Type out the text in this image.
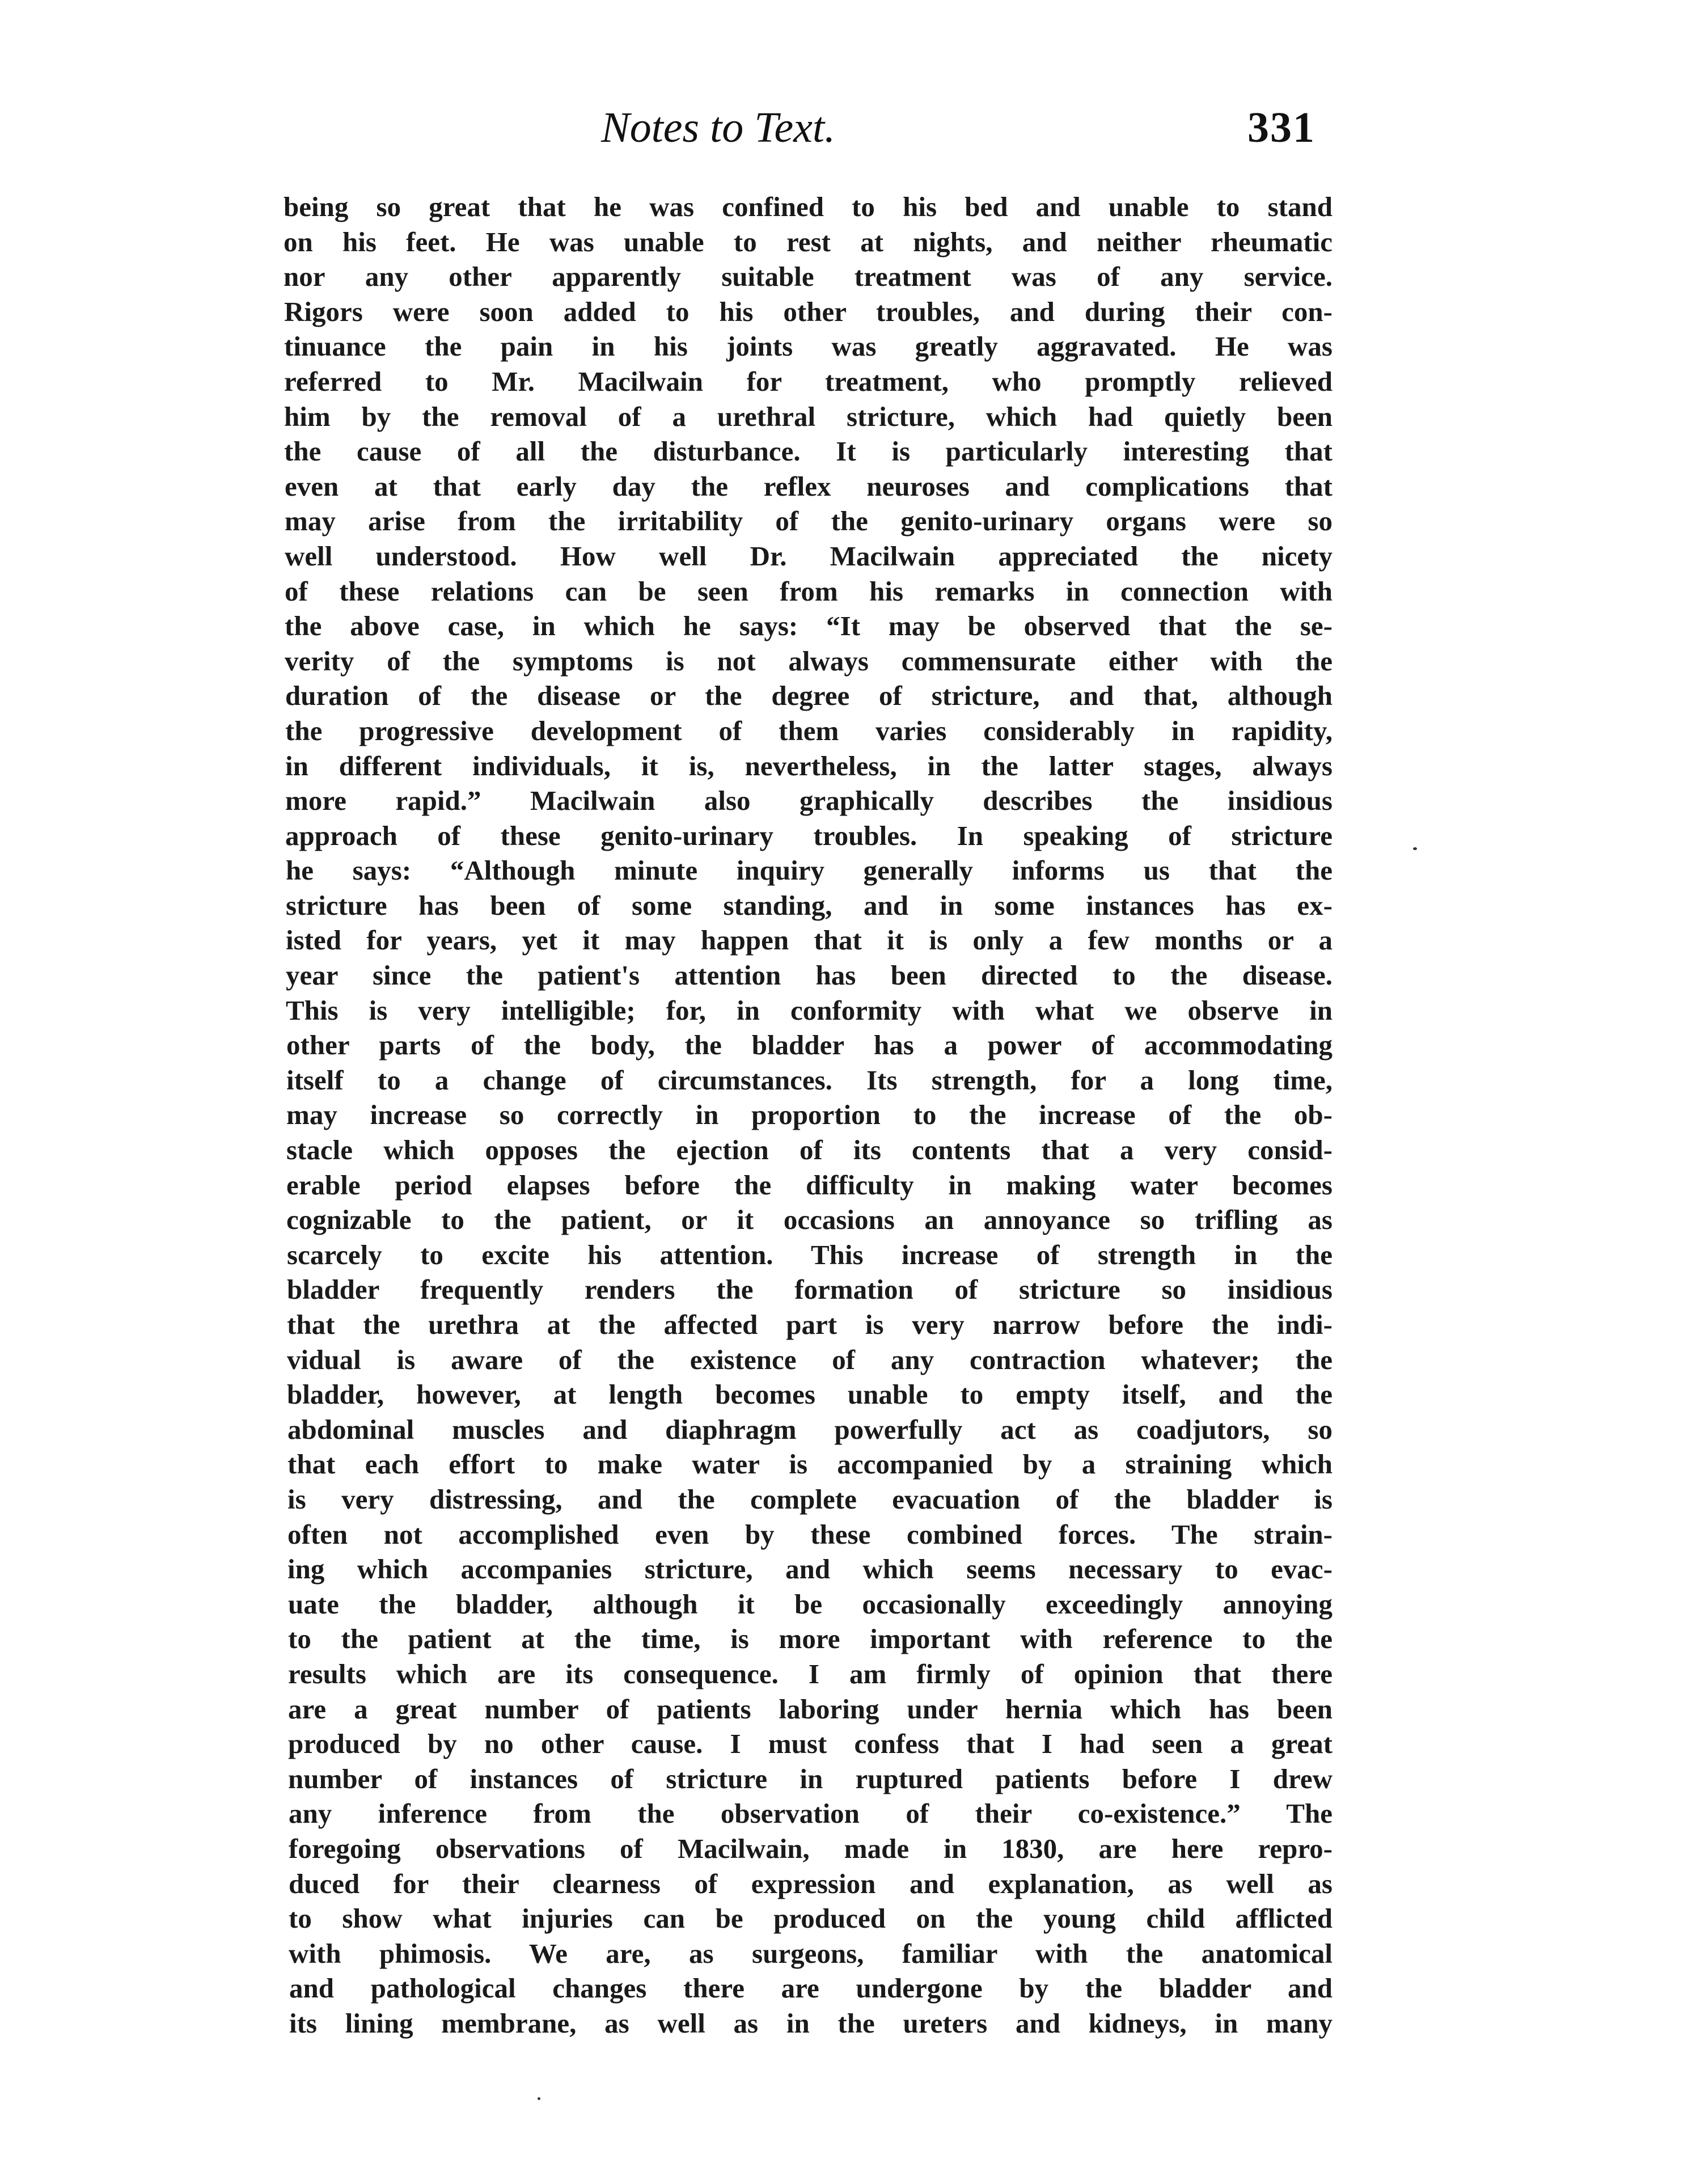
Notes to Text.	331
being so great that he was confined to his bed and unable to stand
on his feet. He was unable to rest at nights, and neither rheumatic
nor any other apparently suitable treatment was of any service.
Rigors were soon added to his other troubles, and during their con-
tinuance the pain in his joints was greatly aggravated. He was
referred to Mr. Macilwain for treatment, who promptly relieved
him by the removal of a urethral stricture, which had quietly been
the cause of all the disturbance. It is particularly interesting that
even at that early day the reflex neuroses and complications that
may arise from the irritability of the genito-urinary organs were so
well understood. How well Dr. Macilwain appreciated the nicety
of these relations can be seen from his remarks in connection with
the above case, in which he says: “It may be observed that the se-
verity of the symptoms is not always commensurate either with the
duration of the disease or the degree of stricture, and that, although
the progressive development of them varies considerably in rapidity,
in different individuals, it is, nevertheless, in the latter stages, always
more rapid.” Macilwain also graphically describes the insidious
approach of these genito-urinary troubles. In speaking of stricture
he says: “Although minute inquiry generally informs us that the
stricture has been of some standing, and in some instances has ex-
isted for years, yet it may happen that it is only a few months or a
year since the patient's attention has been directed to the disease.
This is very intelligible; for, in conformity with what we observe in
other parts of the body, the bladder has a power of accommodating
itself to a change of circumstances. Its strength, for a long time,
may increase so correctly in proportion to the increase of the ob-
stacle which opposes the ejection of its contents that a very consid-
erable period elapses before the difficulty in making water becomes
cognizable to the patient, or it occasions an annoyance so trifling as
scarcely to excite his attention. This increase of strength in the
bladder frequently renders the formation of stricture so insidious
that the urethra at the affected part is very narrow before the indi-
vidual is aware of the existence of any contraction whatever; the
bladder, however, at length becomes unable to empty itself, and the
abdominal muscles and diaphragm powerfully act as coadjutors, so
that each effort to make water is accompanied by a straining which
is very distressing, and the complete evacuation of the bladder is
often not accomplished even by these combined forces. The strain-
ing which accompanies stricture, and which seems necessary to evac-
uate the bladder, although it be occasionally exceedingly annoying
to the patient at the time, is more important with reference to the
results which are its consequence. I am firmly of opinion that there
are a great number of patients laboring under hernia which has been
produced by no other cause. I must confess that I had seen a great
number of instances of stricture in ruptured patients before I drew
any inference from the observation of their co-existence.” The
foregoing observations of Macilwain, made in 1830, are here repro-
duced for their clearness of expression and explanation, as well as
to show what injuries can be produced on the young child afflicted
with phimosis. We are, as surgeons, familiar with the anatomical
and pathological changes there are undergone by the bladder and
its lining membrane, as well as in the ureters and kidneys, in many
